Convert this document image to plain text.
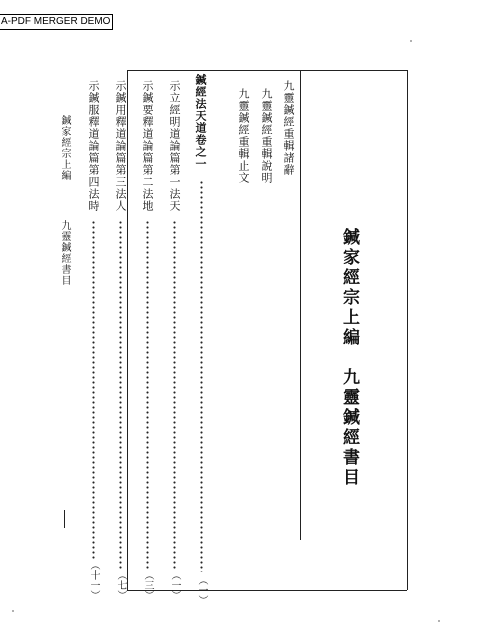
A-PDF MERGER DEMO
鍼家經宗上編　九靈鍼經書目
九靈鍼經重輯諸辭
九靈鍼經重輯說明
九靈鍼經重輯止文
鍼經法天道卷之一
（一）
示立經明道論篇第一法天
（一）
示鍼要釋道論篇第二法地
（三）
示鍼用釋道論篇第三法人
（七）
示鍼服釋道論篇第四法時
（十一）
鍼家經宗上編
九靈鍼經書目
